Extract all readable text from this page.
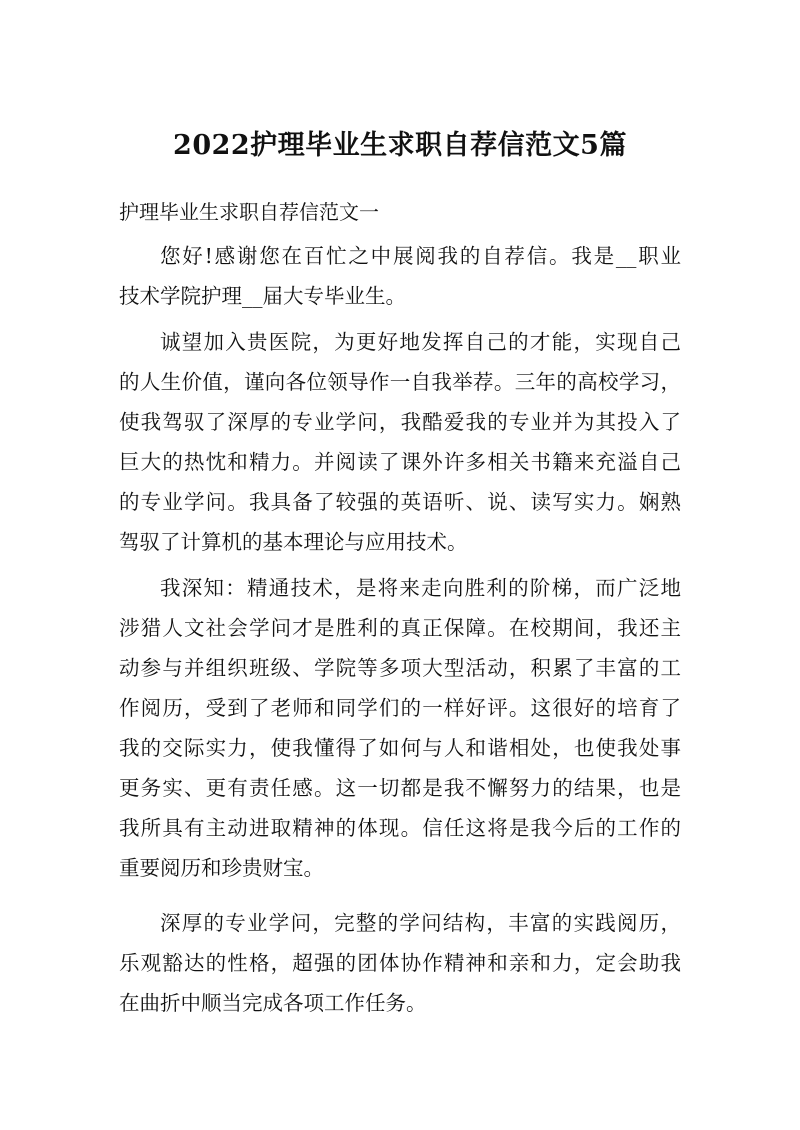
2022护理毕业生求职自荐信范文5篇
护理毕业生求职自荐信范文一
您好!感谢您在百忙之中展阅我的自荐信。我是__职业
技术学院护理__届大专毕业生。
诚望加入贵医院，为更好地发挥自己的才能，实现自己
的人生价值，谨向各位领导作一自我举荐。三年的高校学习，
使我驾驭了深厚的专业学问，我酷爱我的专业并为其投入了
巨大的热忱和精力。并阅读了课外许多相关书籍来充溢自己
的专业学问。我具备了较强的英语听、说、读写实力。娴熟
驾驭了计算机的基本理论与应用技术。
我深知：精通技术，是将来走向胜利的阶梯，而广泛地
涉猎人文社会学问才是胜利的真正保障。在校期间，我还主
动参与并组织班级、学院等多项大型活动，积累了丰富的工
作阅历，受到了老师和同学们的一样好评。这很好的培育了
我的交际实力，使我懂得了如何与人和谐相处，也使我处事
更务实、更有责任感。这一切都是我不懈努力的结果，也是
我所具有主动进取精神的体现。信任这将是我今后的工作的
重要阅历和珍贵财宝。
深厚的专业学问，完整的学问结构，丰富的实践阅历，
乐观豁达的性格，超强的团体协作精神和亲和力，定会助我
在曲折中顺当完成各项工作任务。
